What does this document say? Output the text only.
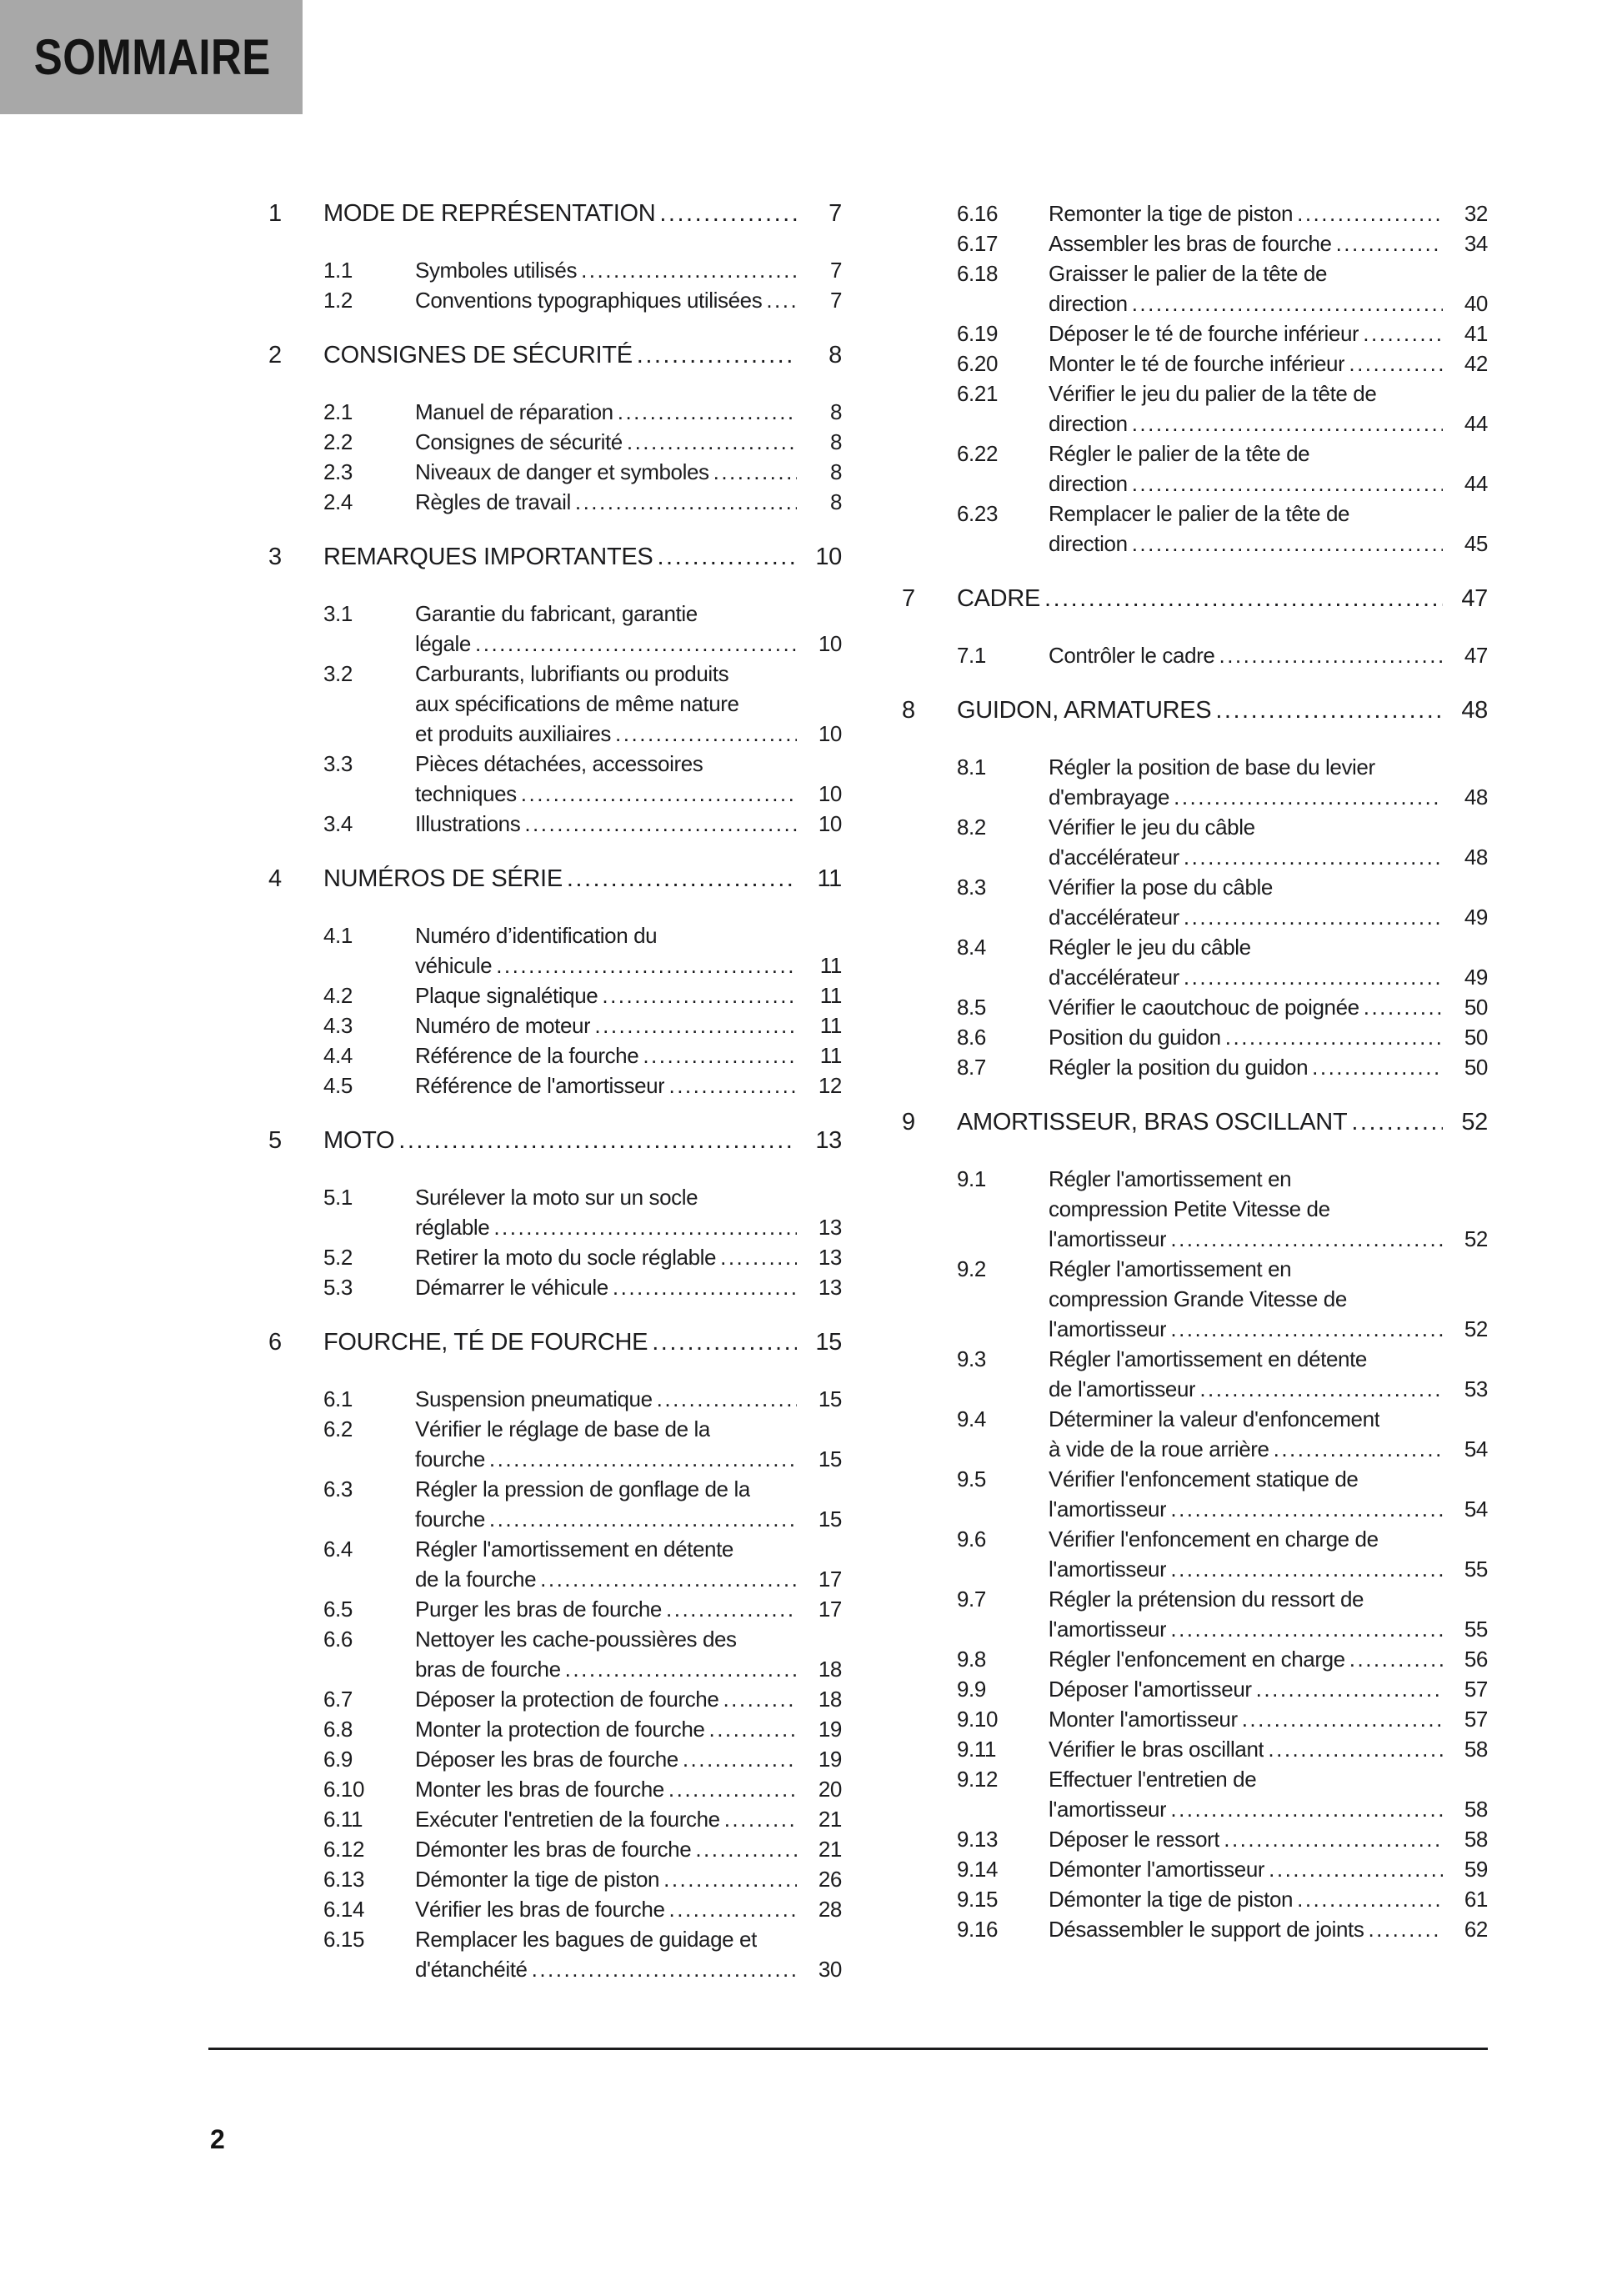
SOMMAIRE
1	MODE DE REPRÉSENTATION .....	7
1.1	Symboles utilisés .....	7
1.2	Conventions typographiques utilisées .....	7
2	CONSIGNES DE SÉCURITÉ .....	8
2.1	Manuel de réparation .....	8
2.2	Consignes de sécurité .....	8
2.3	Niveaux de danger et symboles .....	8
2.4	Règles de travail .....	8
3	REMARQUES IMPORTANTES .....	10
3.1	Garantie du fabricant, garantie
légale .....	10
3.2	Carburants, lubrifiants ou produits
aux spécifications de même nature
et produits auxiliaires .....	10
3.3	Pièces détachées, accessoires
techniques .....	10
3.4	Illustrations .....	10
4	NUMÉROS DE SÉRIE .....	11
4.1	Numéro d’identification du
véhicule .....	11
4.2	Plaque signalétique .....	11
4.3	Numéro de moteur .....	11
4.4	Référence de la fourche .....	11
4.5	Référence de l'amortisseur .....	12
5	MOTO .....	13
5.1	Surélever la moto sur un socle
réglable .....	13
5.2	Retirer la moto du socle réglable .....	13
5.3	Démarrer le véhicule .....	13
6	FOURCHE, TÉ DE FOURCHE .....	15
6.1	Suspension pneumatique .....	15
6.2	Vérifier le réglage de base de la
fourche .....	15
6.3	Régler la pression de gonflage de la
fourche .....	15
6.4	Régler l'amortissement en détente
de la fourche .....	17
6.5	Purger les bras de fourche .....	17
6.6	Nettoyer les cache-poussières des
bras de fourche .....	18
6.7	Déposer la protection de fourche .....	18
6.8	Monter la protection de fourche .....	19
6.9	Déposer les bras de fourche .....	19
6.10	Monter les bras de fourche .....	20
6.11	Exécuter l'entretien de la fourche .....	21
6.12	Démonter les bras de fourche .....	21
6.13	Démonter la tige de piston .....	26
6.14	Vérifier les bras de fourche .....	28
6.15	Remplacer les bagues de guidage et
d'étanchéité .....	30
6.16	Remonter la tige de piston .....	32
6.17	Assembler les bras de fourche .....	34
6.18	Graisser le palier de la tête de
direction .....	40
6.19	Déposer le té de fourche inférieur .....	41
6.20	Monter le té de fourche inférieur .....	42
6.21	Vérifier le jeu du palier de la tête de
direction .....	44
6.22	Régler le palier de la tête de
direction .....	44
6.23	Remplacer le palier de la tête de
direction .....	45
7	CADRE .....	47
7.1	Contrôler le cadre .....	47
8	GUIDON, ARMATURES .....	48
8.1	Régler la position de base du levier
d'embrayage .....	48
8.2	Vérifier le jeu du câble
d'accélérateur .....	48
8.3	Vérifier la pose du câble
d'accélérateur .....	49
8.4	Régler le jeu du câble
d'accélérateur .....	49
8.5	Vérifier le caoutchouc de poignée .....	50
8.6	Position du guidon .....	50
8.7	Régler la position du guidon .....	50
9	AMORTISSEUR, BRAS OSCILLANT .....	52
9.1	Régler l'amortissement en
compression Petite Vitesse de
l'amortisseur .....	52
9.2	Régler l'amortissement en
compression Grande Vitesse de
l'amortisseur .....	52
9.3	Régler l'amortissement en détente
de l'amortisseur .....	53
9.4	Déterminer la valeur d'enfoncement
à vide de la roue arrière .....	54
9.5	Vérifier l'enfoncement statique de
l'amortisseur .....	54
9.6	Vérifier l'enfoncement en charge de
l'amortisseur .....	55
9.7	Régler la prétension du ressort de
l'amortisseur .....	55
9.8	Régler l'enfoncement en charge .....	56
9.9	Déposer l'amortisseur .....	57
9.10	Monter l'amortisseur .....	57
9.11	Vérifier le bras oscillant .....	58
9.12	Effectuer l'entretien de
l'amortisseur .....	58
9.13	Déposer le ressort .....	58
9.14	Démonter l'amortisseur .....	59
9.15	Démonter la tige de piston .....	61
9.16	Désassembler le support de joints .....	62
2
